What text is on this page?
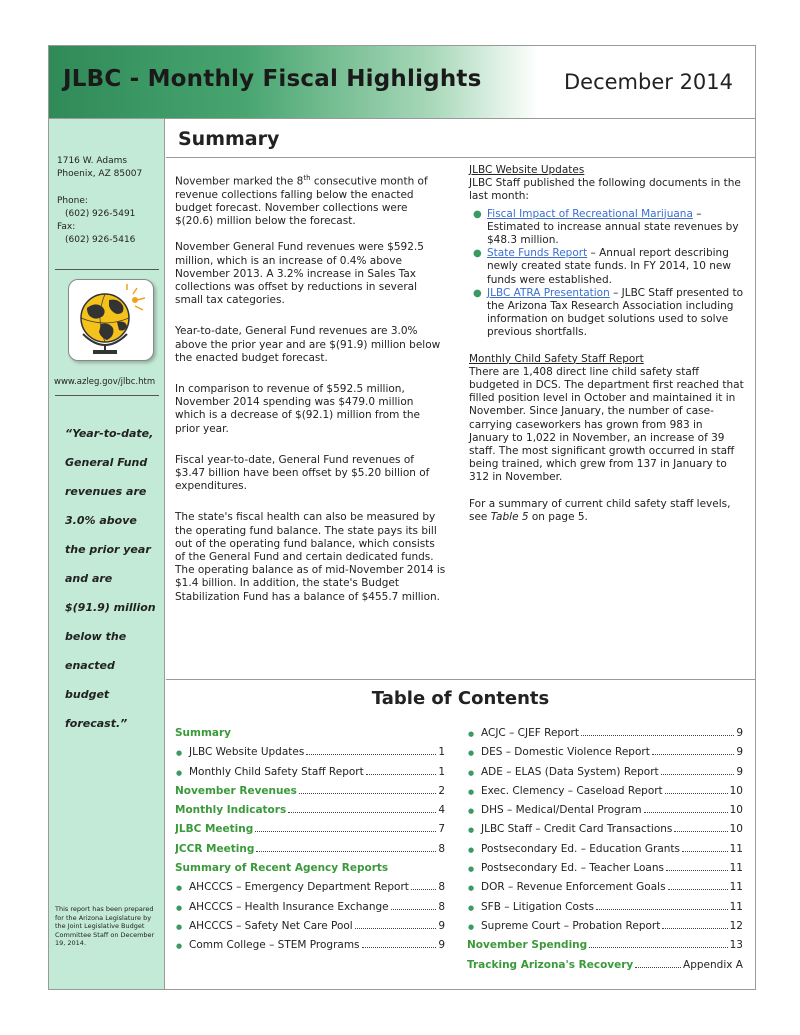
JLBC - Monthly Fiscal Highlights	December 2014
1716 W. Adams
Phoenix, AZ 85007
Phone:
(602) 926-5491
Fax:
(602) 926-5416
www.azleg.gov/jlbc.htm
“Year-to-date,
General Fund
revenues are
3.0% above
the prior year
and are
$(91.9) million
below the
enacted
budget
forecast.”
This report has been prepared for the Arizona Legislature by the Joint Legislative Budget Committee Staff on December 19, 2014.
Summary

November marked the 8th consecutive month of revenue collections falling below the enacted budget forecast. November collections were $(20.6) million below the forecast.

November General Fund revenues were $592.5 million, which is an increase of 0.4% above November 2013. A 3.2% increase in Sales Tax collections was offset by reductions in several small tax categories.

Year-to-date, General Fund revenues are 3.0% above the prior year and are $(91.9) million below the enacted budget forecast.

In comparison to revenue of $592.5 million, November 2014 spending was $479.0 million which is a decrease of $(92.1) million from the prior year.

Fiscal year-to-date, General Fund revenues of $3.47 billion have been offset by $5.20 billion of expenditures.

The state's fiscal health can also be measured by the operating fund balance. The state pays its bill out of the operating fund balance, which consists of the General Fund and certain dedicated funds. The operating balance as of mid-November 2014 is $1.4 billion. In addition, the state's Budget Stabilization Fund has a balance of $455.7 million.

JLBC Website Updates
JLBC Staff published the following documents in the last month:
● Fiscal Impact of Recreational Marijuana – Estimated to increase annual state revenues by $48.3 million.
● State Funds Report – Annual report describing newly created state funds. In FY 2014, 10 new funds were established.
● JLBC ATRA Presentation – JLBC Staff presented to the Arizona Tax Research Association including information on budget solutions used to solve previous shortfalls.
Monthly Child Safety Staff Report

There are 1,408 direct line child safety staff budgeted in DCS. The department first reached that filled position level in October and maintained it in November. Since January, the number of case-carrying caseworkers has grown from 983 in January to 1,022 in November, an increase of 39 staff. The most significant growth occurred in staff being trained, which grew from 137 in January to 312 in November.

For a summary of current child safety staff levels, see Table 5 on page 5.

Table of Contents
Summary
● JLBC Website Updates	1
● Monthly Child Safety Staff Report	1
November Revenues	2
Monthly Indicators	4
JLBC Meeting	7
JCCR Meeting	8
Summary of Recent Agency Reports
● AHCCCS – Emergency Department Report	8
● AHCCCS – Health Insurance Exchange	8
● AHCCCS – Safety Net Care Pool	9
● Comm College – STEM Programs	9
● ACJC – CJEF Report	9
● DES – Domestic Violence Report	9
● ADE – ELAS (Data System) Report	9
● Exec. Clemency – Caseload Report	10
● DHS – Medical/Dental Program	10
● JLBC Staff – Credit Card Transactions	10
● Postsecondary Ed. – Education Grants	11
● Postsecondary Ed. – Teacher Loans	11
● DOR – Revenue Enforcement Goals	11
● SFB – Litigation Costs	11
● Supreme Court – Probation Report	12
November Spending	13
Tracking Arizona's Recovery	Appendix A
